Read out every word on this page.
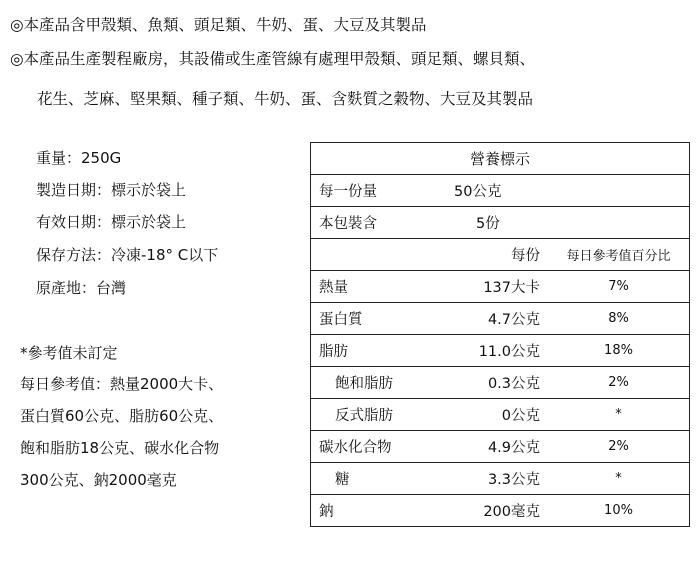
◎本產品含甲殼類、魚類、頭足類、牛奶、蛋、大豆及其製品
◎本產品生產製程廠房，其設備或生產管線有處理甲殼類、頭足類、螺貝類、
花生、芝麻、堅果類、種子類、牛奶、蛋、含麩質之穀物、大豆及其製品
重量：250G
製造日期：標示於袋上
有效日期：標示於袋上
保存方法：冷凍-18° C以下
原產地：台灣
*參考值未訂定
每日參考值：熱量2000大卡、
蛋白質60公克、脂肪60公克、
飽和脂肪18公克、碳水化合物
300公克、鈉2000毫克
營養標示		
每一份量	50公克	
本包裝含	5份	
	每份	每日參考值百分比
熱量	137大卡	7%
蛋白質	4.7公克	8%
脂肪	11.0公克	18%
飽和脂肪	0.3公克	2%
反式脂肪	0公克	*
碳水化合物	4.9公克	2%
糖	3.3公克	*
鈉	200毫克	10%
